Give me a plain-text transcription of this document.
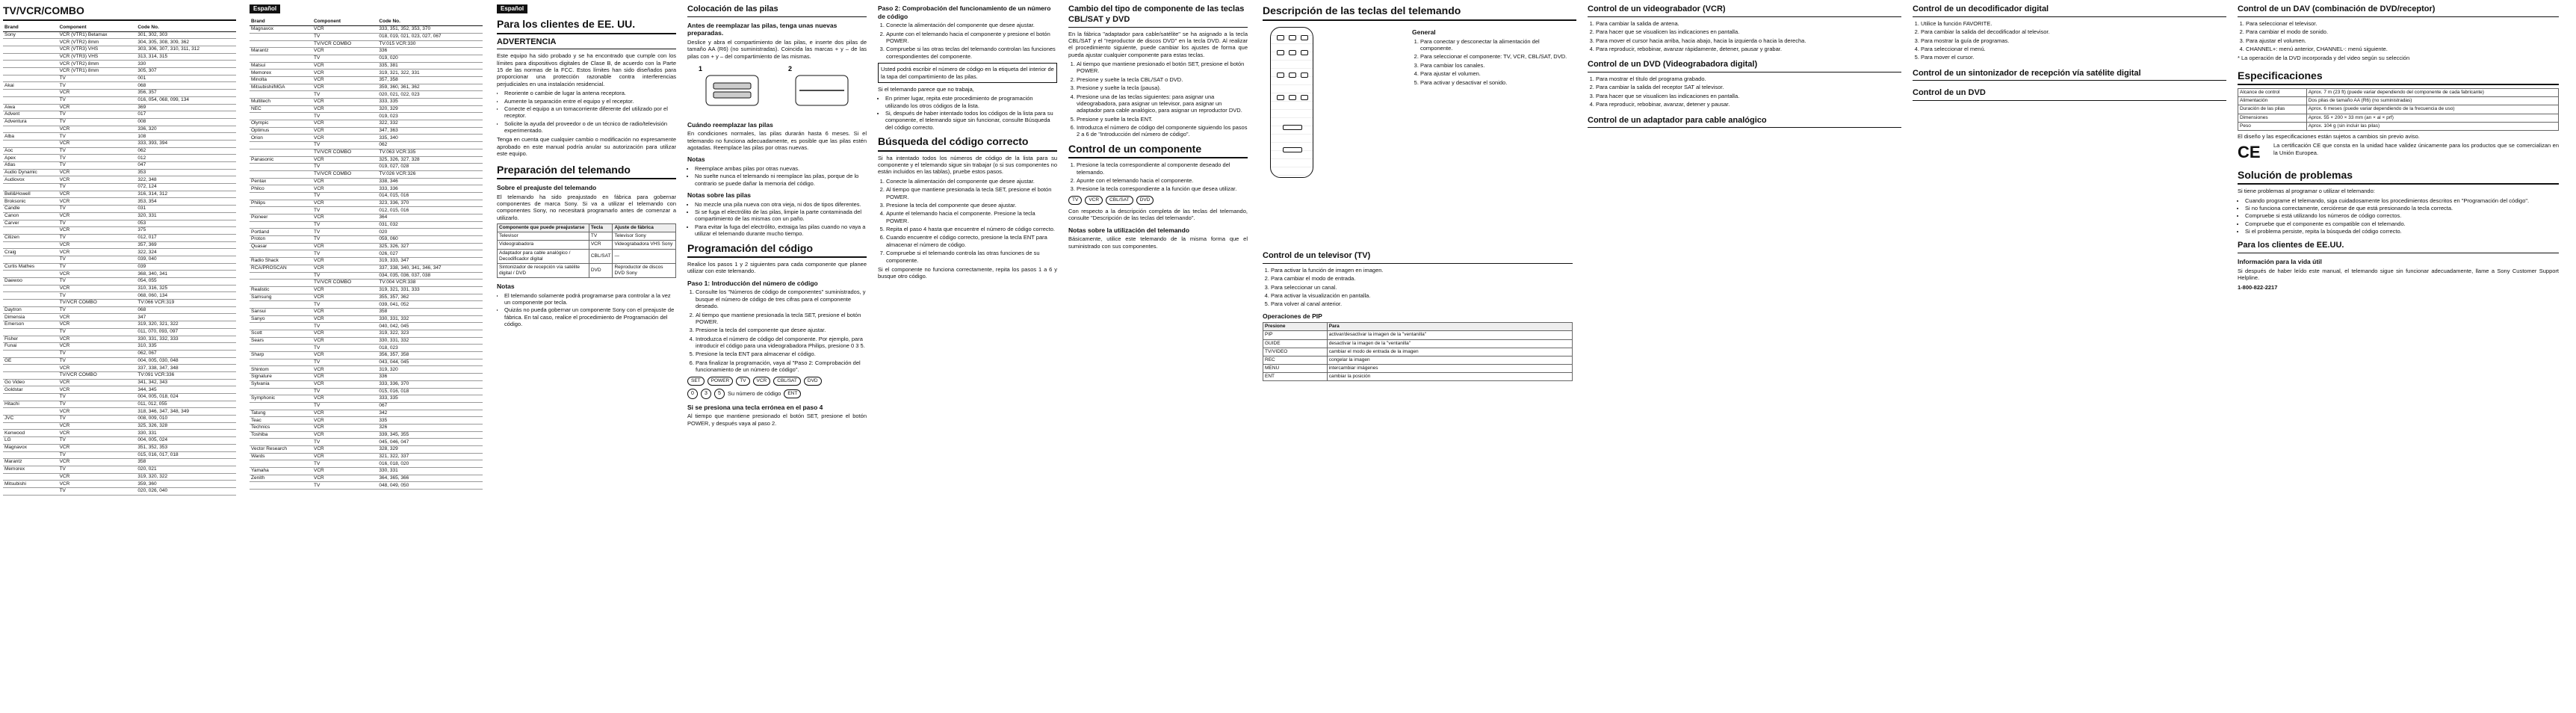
TV/VCR/COMBO
Brand	Component	Code No.
Sony	VCR (VTR1) Betamax	301, 302, 303
	VCR (VTR2) 8mm	304, 305, 308, 309, 362
	VCR (VTR3) VHS	303, 306, 307, 310, 311, 312
	VCR (VTR3) VHS	313, 314, 315
	VCR (VTR2) 8mm	330
	VCR (VTR1) 8mm	305, 307
	TV	001
Akai	TV	068
	VCR	356, 357
	TV	016, 054, 068, 099, 134
Aiwa	VCR	369
Advent	TV	017
Adventura	TV	008
	VCR	336, 320
Alba	TV	108
	VCR	333, 393, 394
Aoc	TV	062
Apex	TV	012
Atlas	TV	047
Audio Dynamic	VCR	353
Audiovox	VCR	322, 348
	TV	072, 124
Bell&Howell	VCR	316, 314, 312
Broksonic	VCR	353, 354
Candle	TV	031
Canon	VCR	320, 331
Carver	TV	053
	VCR	375
Citizen	TV	012, 017
	VCR	357, 369
Craig	VCR	322, 324
	TV	039, 040
Curtis Mathes	TV	039
	VCR	368, 340, 341
Daewoo	TV	054, 055
	VCR	310, 316, 325
	TV	068, 060, 134
	TV/VCR COMBO	TV:066 VCR:319
Daytron	TV	068
Dimensia	VCR	347
Emerson	VCR	319, 320, 321, 322
	TV	011, 070, 093, 097
Fisher	VCR	330, 331, 332, 333
Funai	VCR	310, 335
	TV	062, 067
GE	TV	004, 005, 030, 048
	VCR	337, 338, 347, 348
	TV/VCR COMBO	TV:091 VCR:336
Go Video	VCR	341, 342, 343
Goldstar	VCR	344, 345
	TV	004, 005, 018, 024
Hitachi	TV	011, 012, 055
	VCR	318, 346, 347, 348, 349
JVC	TV	008, 009, 010
	VCR	325, 326, 328
Kenwood	VCR	330, 331
LG	TV	004, 005, 024
Magnavox	VCR	351, 352, 353
	TV	015, 016, 017, 018
Marantz	VCR	358
Memorex	TV	020, 021
	VCR	319, 320, 322
Mitsubishi	VCR	359, 360
	TV	020, 026, 040
Español
Brand	Component	Code No.
Magnavox	VCR	333, 351, 352, 353, 370
	TV	018, 019, 021, 023, 027, 067
	TV/VCR COMBO	TV:015 VCR:330
Marantz	VCR	336
	TV	019, 020
Matsui	VCR	335, 381
Memorex	VCR	319, 321, 322, 331
Minolta	VCR	357, 358
Mitsubishi/MGA	VCR	359, 360, 361, 362
	TV	020, 021, 022, 023
Multitech	VCR	333, 335
NEC	VCR	320, 329
	TV	019, 023
Olympic	VCR	322, 332
Optimus	VCR	347, 363
Orion	VCR	335, 340
	TV	062
	TV/VCR COMBO	TV:063 VCR:335
Panasonic	VCR	325, 326, 327, 328
	TV	019, 027, 028
	TV/VCR COMBO	TV:026 VCR:326
Pentax	VCR	338, 346
Philco	VCR	333, 336
	TV	014, 015, 016
Philips	VCR	323, 336, 370
	TV	012, 015, 016
Pioneer	VCR	364
	TV	031, 032
Portland	TV	020
Proton	TV	059, 060
Quasar	VCR	325, 326, 327
	TV	026, 027
Radio Shack	VCR	319, 333, 347
RCA/PROSCAN	VCR	337, 338, 340, 341, 346, 347
	TV	034, 035, 036, 037, 038
	TV/VCR COMBO	TV:004 VCR:338
Realistic	VCR	319, 321, 331, 333
Samsung	VCR	355, 357, 362
	TV	039, 041, 052
Sansui	VCR	358
Sanyo	VCR	330, 331, 332
	TV	040, 042, 045
Scott	VCR	319, 322, 323
Sears	VCR	330, 331, 332
	TV	018, 023
Sharp	VCR	356, 357, 358
	TV	043, 044, 045
Shintom	VCR	319, 320
Signature	VCR	336
Sylvania	VCR	333, 336, 370
	TV	015, 016, 018
Symphonic	VCR	333, 335
	TV	067
Tatung	VCR	342
Teac	VCR	335
Technics	VCR	326
Toshiba	VCR	339, 345, 355
	TV	045, 046, 047
Vector Research	VCR	328, 329
Wards	VCR	321, 322, 337
	TV	016, 018, 020
Yamaha	VCR	330, 331
Zenith	VCR	364, 365, 366
	TV	048, 049, 050
Español
Para los clientes de EE. UU.
ADVERTENCIA

Este equipo ha sido probado y se ha encontrado que cumple con los límites para dispositivos digitales de Clase B, de acuerdo con la Parte 15 de las normas de la FCC. Estos límites han sido diseñados para proporcionar una protección razonable contra interferencias perjudiciales en una instalación residencial.

• Reoriente o cambie de lugar la antena receptora.
• Aumente la separación entre el equipo y el receptor.
• Conecte el equipo a un tomacorriente diferente del utilizado por el receptor.
• Solicite la ayuda del proveedor o de un técnico de radio/televisión experimentado.

Tenga en cuenta que cualquier cambio o modificación no expresamente aprobado en este manual podría anular su autorización para utilizar este equipo.

Preparación del telemando
Sobre el preajuste del telemando

El telemando ha sido preajustado en fábrica para gobernar componentes de marca Sony. Si va a utilizar el telemando con componentes Sony, no necesitará programarlo antes de comenzar a utilizarlo.

Componente que puede preajustarse	Tecla	Ajuste de fábrica
Televisor	TV	Televisor Sony
Videograbadora	VCR	Videograbadora VHS Sony
Adaptador para cable analógico / Decodificador digital	CBL/SAT	—
Sintonizador de recepción vía satélite digital / DVD	DVD	Reproductor de discos DVD Sony
Notas
• El telemando solamente podrá programarse para controlar a la vez un componente por tecla.
• Quizás no pueda gobernar un componente Sony con el preajuste de fábrica. En tal caso, realice el procedimiento de Programación del código.
Colocación de las pilas
Antes de reemplazar las pilas, tenga unas nuevas preparadas.

Deslice y abra el compartimiento de las pilas, e inserte dos pilas de tamaño AA (R6) (no suministradas). Coincida las marcas + y – de las pilas con + y – del compartimiento de las mismas.

1	2
Cuándo reemplazar las pilas

En condiciones normales, las pilas durarán hasta 6 meses. Si el telemando no funciona adecuadamente, es posible que las pilas estén agotadas. Reemplace las pilas por otras nuevas.

Notas
• Reemplace ambas pilas por otras nuevas.
• No suelte nunca el telemando ni reemplace las pilas, porque de lo contrario se puede dañar la memoria del código.
Notas sobre las pilas
• No mezcle una pila nueva con otra vieja, ni dos de tipos diferentes.
• Si se fuga el electrólito de las pilas, limpie la parte contaminada del compartimiento de las mismas con un paño.
• Para evitar la fuga del electrólito, extraiga las pilas cuando no vaya a utilizar el telemando durante mucho tiempo.
Programación del código

Realice los pasos 1 y 2 siguientes para cada componente que planee utilizar con este telemando.

Paso 1: Introducción del número de código
1. Consulte los "Números de código de componentes" suministrados, y busque el número de código de tres cifras para el componente deseado.
2. Al tiempo que mantiene presionada la tecla SET, presione el botón POWER.
3. Presione la tecla del componente que desee ajustar.
4. Introduzca el número de código del componente. Por ejemplo, para introducir el código para una videograbadora Philips, presione 0 3 5.
5. Presione la tecla ENT para almacenar el código.
6. Para finalizar la programación, vaya al "Paso 2: Comprobación del funcionamiento de un número de código".
SET	POWER	TV	VCR	CBL/SAT	DVD
0	3	5	Su número de código	ENT
Si se presiona una tecla errónea en el paso 4

Al tiempo que mantiene presionado el botón SET, presione el botón POWER, y después vaya al paso 2.

Paso 2: Comprobación del funcionamiento de un número de código
1. Conecte la alimentación del componente que desee ajustar.
2. Apunte con el telemando hacia el componente y presione el botón POWER.
3. Compruebe si las otras teclas del telemando controlan las funciones correspondientes del componente.
Usted podrá escribir el número de código en la etiqueta del interior de la tapa del compartimiento de las pilas.

Si el telemando parece que no trabaja,

• En primer lugar, repita este procedimiento de programación utilizando los otros códigos de la lista.
• Si, después de haber intentado todos los códigos de la lista para su componente, el telemando sigue sin funcionar, consulte Búsqueda del código correcto.
Búsqueda del código correcto

Si ha intentado todos los números de código de la lista para su componente y el telemando sigue sin trabajar (o si sus componentes no están incluidos en las tablas), pruebe estos pasos.

1. Conecte la alimentación del componente que desee ajustar.
2. Al tiempo que mantiene presionada la tecla SET, presione el botón POWER.
3. Presione la tecla del componente que desee ajustar.
4. Apunte el telemando hacia el componente. Presione la tecla POWER.
5. Repita el paso 4 hasta que encuentre el número de código correcto.
6. Cuando encuentre el código correcto, presione la tecla ENT para almacenar el número de código.
7. Compruebe si el telemando controla las otras funciones de su componente.

Si el componente no funciona correctamente, repita los pasos 1 a 6 y busque otro código.

Cambio del tipo de componente de las teclas CBL/SAT y DVD

En la fábrica "adaptador para cable/satélite" se ha asignado a la tecla CBL/SAT y el "reproductor de discos DVD" en la tecla DVD. Al realizar el procedimiento siguiente, puede cambiar los ajustes de forma que pueda ajustar cualquier componente para estas teclas.

1. Al tiempo que mantiene presionado el botón SET, presione el botón POWER.
2. Presione y suelte la tecla CBL/SAT o DVD.
3. Presione y suelte la tecla (pausa).
4. Presione una de las teclas siguientes: para asignar una videograbadora, para asignar un televisor, para asignar un adaptador para cable analógico, para asignar un reproductor DVD.
5. Presione y suelte la tecla ENT.
6. Introduzca el número de código del componente siguiendo los pasos 2 a 6 de "Introducción del número de código".
Control de un componente
1. Presione la tecla correspondiente al componente deseado del telemando.
2. Apunte con el telemando hacia el componente.
3. Presione la tecla correspondiente a la función que desea utilizar.
TV	VCR	CBL/SAT	DVD

Con respecto a la descripción completa de las teclas del telemando, consulte "Descripción de las teclas del telemando".

Notas sobre la utilización del telemando

Básicamente, utilice este telemando de la misma forma que el suministrado con sus componentes.

Descripción de las teclas del telemando
General
1. Para conectar y desconectar la alimentación del componente.
2. Para seleccionar el componente: TV, VCR, CBL/SAT, DVD.
3. Para cambiar los canales.
4. Para ajustar el volumen.
5. Para activar y desactivar el sonido.
Control de un televisor (TV)
1. Para activar la función de imagen en imagen.
2. Para cambiar el modo de entrada.
3. Para seleccionar un canal.
4. Para activar la visualización en pantalla.
5. Para volver al canal anterior.
Operaciones de PIP
Presione	Para
PIP	activar/desactivar la imagen de la "ventanilla"
GUIDE	desactivar la imagen de la "ventanilla"
TV/VIDEO	cambiar el modo de entrada de la imagen
REC	congelar la imagen
MENU	intercambiar imágenes
ENT	cambiar la posición
Control de un videograbador (VCR)
1. Para cambiar la salida de antena.
2. Para hacer que se visualicen las indicaciones en pantalla.
3. Para mover el cursor hacia arriba, hacia abajo, hacia la izquierda o hacia la derecha.
4. Para reproducir, rebobinar, avanzar rápidamente, detener, pausar y grabar.
Control de un DVD (Videograbadora digital)
1. Para mostrar el título del programa grabado.
2. Para cambiar la salida del receptor SAT al televisor.
3. Para hacer que se visualicen las indicaciones en pantalla.
4. Para reproducir, rebobinar, avanzar, detener y pausar.
Control de un adaptador para cable analógico
Control de un decodificador digital
1. Utilice la función FAVORITE.
2. Para cambiar la salida del decodificador al televisor.
3. Para mostrar la guía de programas.
4. Para seleccionar el menú.
5. Para mover el cursor.
Control de un sintonizador de recepción vía satélite digital
Control de un DVD
Control de un DAV (combinación de DVD/receptor)
1. Para seleccionar el televisor.
2. Para cambiar el modo de sonido.
3. Para ajustar el volumen.
4. CHANNEL+: menú anterior, CHANNEL-: menú siguiente.

* La operación de la DVD incorporada y del video según su selección

Especificaciones
Alcance de control	Aprox. 7 m (23 ft) (puede variar dependiendo del componente de cada fabricante)
Alimentación	Dos pilas de tamaño AA (R6) (no suministradas)
Duración de las pilas	Aprox. 6 meses (puede variar dependiendo de la frecuencia de uso)
Dimensiones	Aprox. 55 × 200 × 33 mm (an × al × prf)
Peso	Aprox. 104 g (sin incluir las pilas)

El diseño y las especificaciones están sujetos a cambios sin previo aviso.

CE	La certificación CE que consta en la unidad hace validez únicamente para los productos que se comercializan en la Unión Europea.
Solución de problemas

Si tiene problemas al programar o utilizar el telemando:

• Cuando programe el telemando, siga cuidadosamente los procedimientos descritos en "Programación del código".
• Si no funciona correctamente, cerciórese de que está presionando la tecla correcta.
• Compruebe si está utilizando los números de código correctos.
• Compruebe que el componente es compatible con el telemando.
• Si el problema persiste, repita la búsqueda del código correcto.
Para los clientes de EE.UU.
Información para la vida útil

Si después de haber leído este manual, el telemando sigue sin funcionar adecuadamente, llame a Sony Customer Support Helpline.

1-800-822-2217
